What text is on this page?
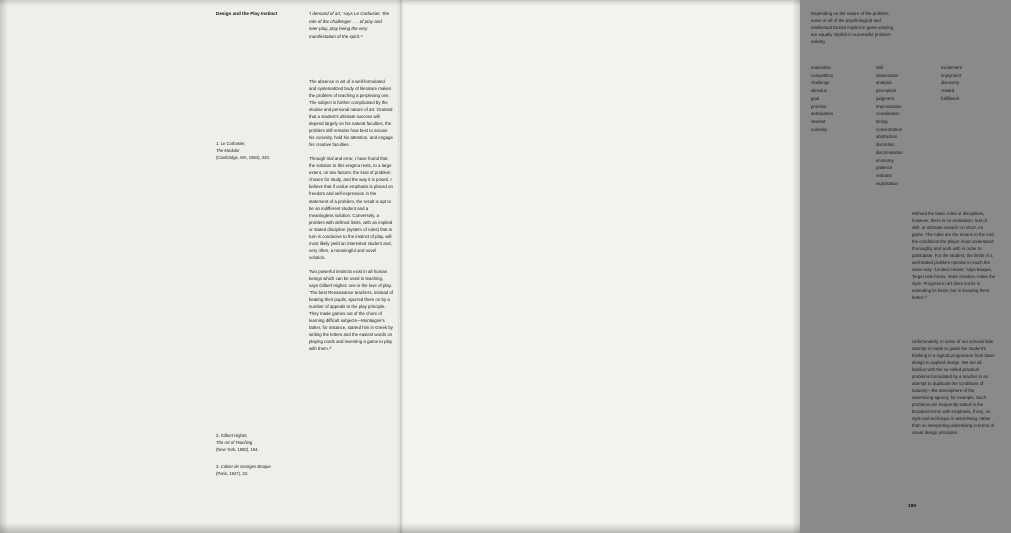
Design and the Play Instinct	'I demand of art,' says Le Corbusier, 'the role of the challenger . . . of play and inter-play, play being the very manifestation of the spirit.'¹

The absence in art of a well-formulated and systematized body of literature makes the problem of teaching a perplexing one. The subject is further complicated by the elusive and personal nature of art. Granted that a student's ultimate success will depend largely on his natural faculties, the problem still remains how best to arouse his curiosity, hold his attention, and engage his creative faculties.

Through trial and error, I have found that the solution to this enigma rests, to a large extent, on two factors: the kind of problem chosen for study, and the way it is posed. I believe that if undue emphasis is placed on freedom and self-expression in the statement of a problem, the result is apt to be an indifferent student and a meaningless solution. Conversely, a problem with defined limits, with an implied or stated discipline (system of rules) that in turn is conducive to the instinct of play, will most likely yield an interested student and, very often, a meaningful and novel solution.

Two powerful instincts exist in all human beings which can be used in teaching, says Gilbert Highet: one is the love of play. 'The best Renaissance teachers, instead of beating their pupils, spurred them on by a number of appeals to the play principle. They made games out of the chore of learning difficult subjects—Montaigne's father, for instance, started him in Greek by writing the letters and the easiest words on playing cards and inventing a game to play with them.'²

1. Le Corbusier,
The Modulor
(Cambridge, MA, 1954), 220.
2. Gilbert Highet,
The Art of Teaching
(New York, 1950), 194.
3. Cahier de Georges Braque
(Paris, 1947), 33.

Depending on the nature of the problem, some or all of the psychological and intellectual factors implicit in game-playing are equally implicit in successful problem-solving.

motivation
competition
challenge
stimulus
goal
promise
anticipation
interest
curiosity
skill
observation
analysis
perception
judgment
improvisation
coordination
timing
concentration
abstraction
discretion
discrimination
economy
patience
restraint
exploitation
excitement
enjoyment
discovery
reward
fulfillment

Without the basic rules or disciplines, however, there is no motivation, test of skill, or ultimate reward—in short, no game. The rules are the means to the end, the conditions the player must understand thoroughly and work with in order to participate. For the student, the limits of a well-stated problem operate in much the same way. 'Limited means,' says Braque, 'beget new forms, invite creation, make the style. Progress in art does not lie in extending its limits, but in knowing them better.'³

Unfortunately, in some of our schools little attempt is made to guide the student's thinking in a logical progression from basic design to applied design. We are all familiar with the so-called practical problems formulated by a teacher in an attempt to duplicate the conditions of industry—the atmosphere of the advertising agency, for example. Such problems are frequently stated in the broadest terms with emphasis, if any, on style and technique in advertising, rather than on interpreting advertising in terms of visual design principles.

189
